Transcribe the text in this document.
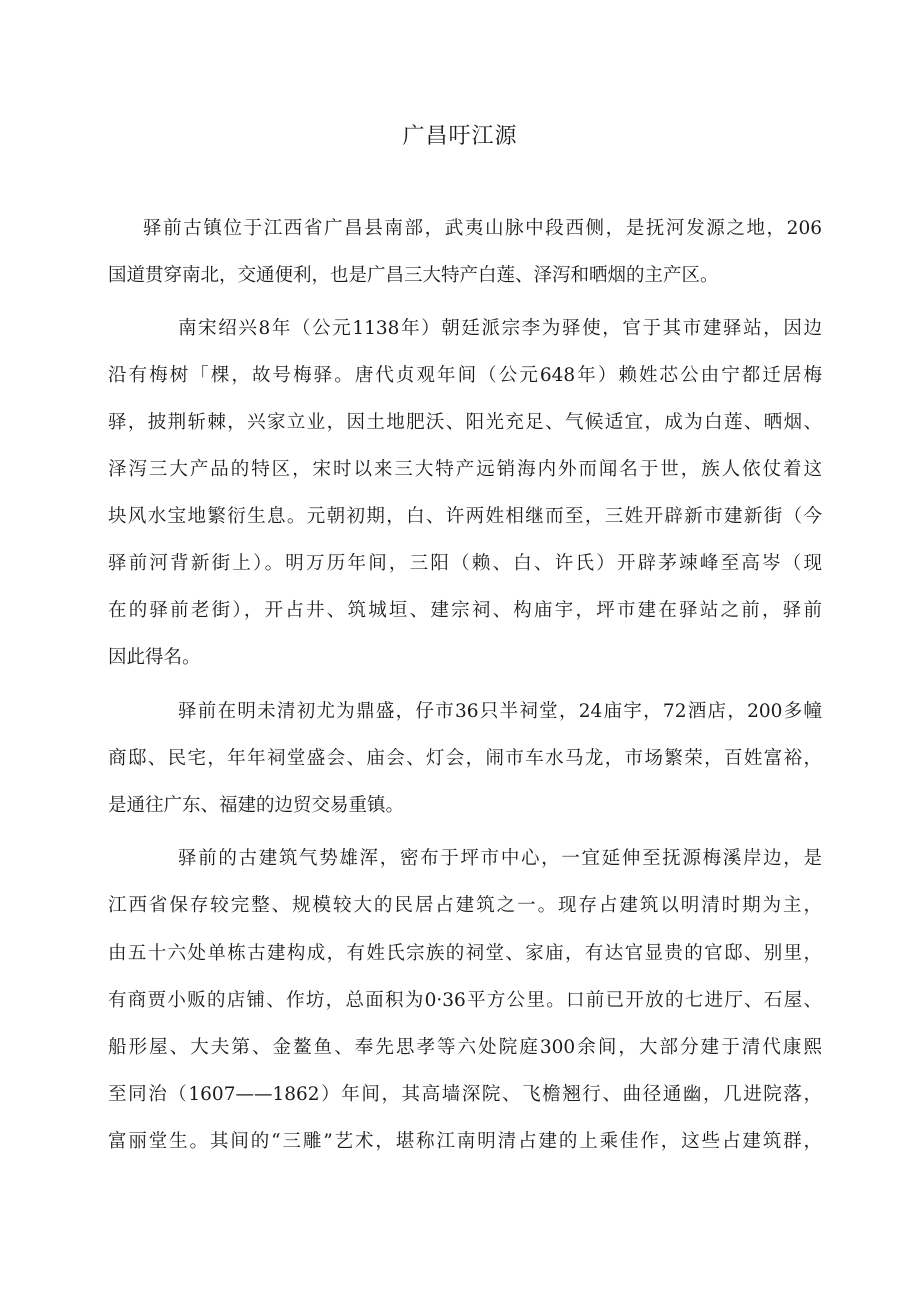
广昌吁江源
驿前古镇位于江西省广昌县南部，武夷山脉中段西侧，是抚河发源之地，206
国道贯穿南北，交通便利，也是广昌三大特产白莲、泽泻和晒烟的主产区。
南宋绍兴8年（公元1138年）朝廷派宗李为驿使，官于其市建驿站，因边
沿有梅树「棵，故号梅驿。唐代贞观年间（公元648年）赖姓芯公由宁都迁居梅
驿，披荆斩棘，兴家立业，因土地肥沃、阳光充足、气候适宜，成为白莲、晒烟、
泽泻三大产品的特区，宋时以来三大特产远销海内外而闻名于世，族人依仗着这
块风水宝地繁衍生息。元朝初期，白、许两姓相继而至，三姓开辟新市建新街（今
驿前河背新街上）。明万历年间，三阳（赖、白、许氏）开辟茅竦峰至高岑（现
在的驿前老街），开占井、筑城垣、建宗祠、构庙宇，坪市建在驿站之前，驿前
因此得名。
驿前在明未清初尤为鼎盛，仔市36只半祠堂，24庙宇，72酒店，200多幢
商邸、民宅，年年祠堂盛会、庙会、灯会，闹市车水马龙，市场繁荣，百姓富裕，
是通往广东、福建的边贸交易重镇。
驿前的古建筑气势雄浑，密布于坪市中心，一宜延伸至抚源梅溪岸边，是
江西省保存较完整、规模较大的民居占建筑之一。现存占建筑以明清时期为主，
由五十六处单栋古建构成，有姓氏宗族的祠堂、家庙，有达官显贵的官邸、别里，
有商贾小贩的店铺、作坊，总面积为0·36平方公里。口前已开放的七进厅、石屋、
船形屋、大夫第、金鳌鱼、奉先思孝等六处院庭300余间，大部分建于清代康熙
至同治（1607——1862）年间，其高墙深院、飞檐翘行、曲径通幽，几进院落，
富丽堂生。其间的“三雕”艺术，堪称江南明清占建的上乘佳作，这些占建筑群，
